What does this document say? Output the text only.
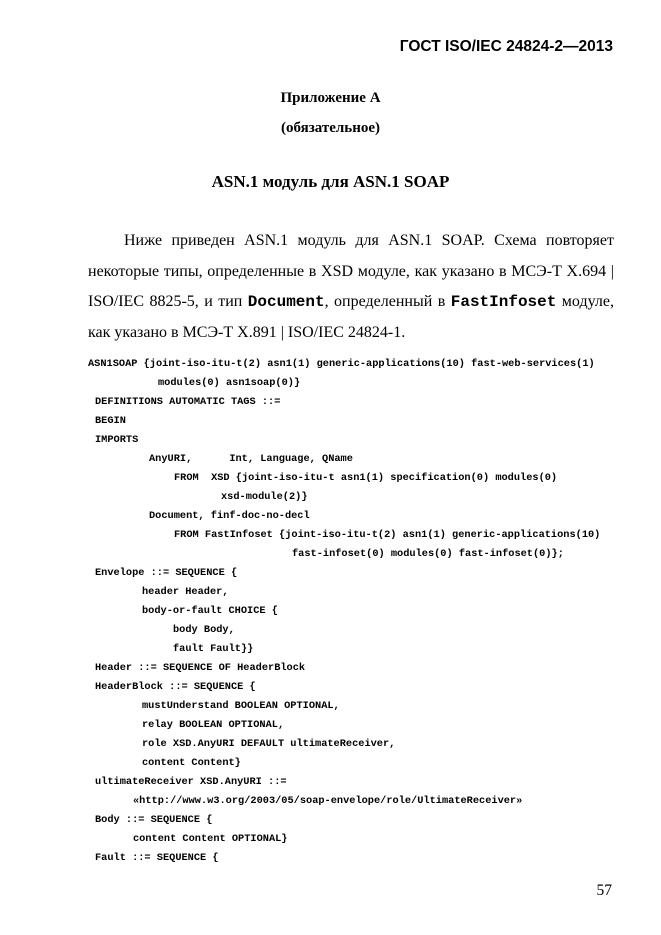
ГОСТ ISO/IEC 24824-2—2013
Приложение А
(обязательное)
ASN.1 модуль для ASN.1 SOAP

Ниже приведен ASN.1 модуль для ASN.1 SOAP. Схема повторяет некоторые типы, определенные в XSD модуле, как указано в МСЭ-Т Х.694 | ISO/IEC 8825-5, и тип Document, определенный в FastInfoset модуле, как указано в МСЭ-Т Х.891 | ISO/IEC 24824-1.

ASN1SOAP {joint-iso-itu-t(2) asn1(1) generic-applications(10) fast-web-services(1)
modules(0) asn1soap(0)}
DEFINITIONS AUTOMATIC TAGS ::=
BEGIN
IMPORTS
AnyURI,      Int, Language, QName
FROM  XSD {joint-iso-itu-t asn1(1) specification(0) modules(0)
xsd-module(2)}
Document, finf-doc-no-decl
FROM FastInfoset {joint-iso-itu-t(2) asn1(1) generic-applications(10)
fast-infoset(0) modules(0) fast-infoset(0)};
Envelope ::= SEQUENCE {
header Header,
body-or-fault CHOICE {
body Body,
fault Fault}}
Header ::= SEQUENCE OF HeaderBlock
HeaderBlock ::= SEQUENCE {
mustUnderstand BOOLEAN OPTIONAL,
relay BOOLEAN OPTIONAL,
role XSD.AnyURI DEFAULT ultimateReceiver,
content Content}
ultimateReceiver XSD.AnyURI ::=
«http://www.w3.org/2003/05/soap-envelope/role/UltimateReceiver»
Body ::= SEQUENCE {
content Content OPTIONAL}
Fault ::= SEQUENCE {
57
